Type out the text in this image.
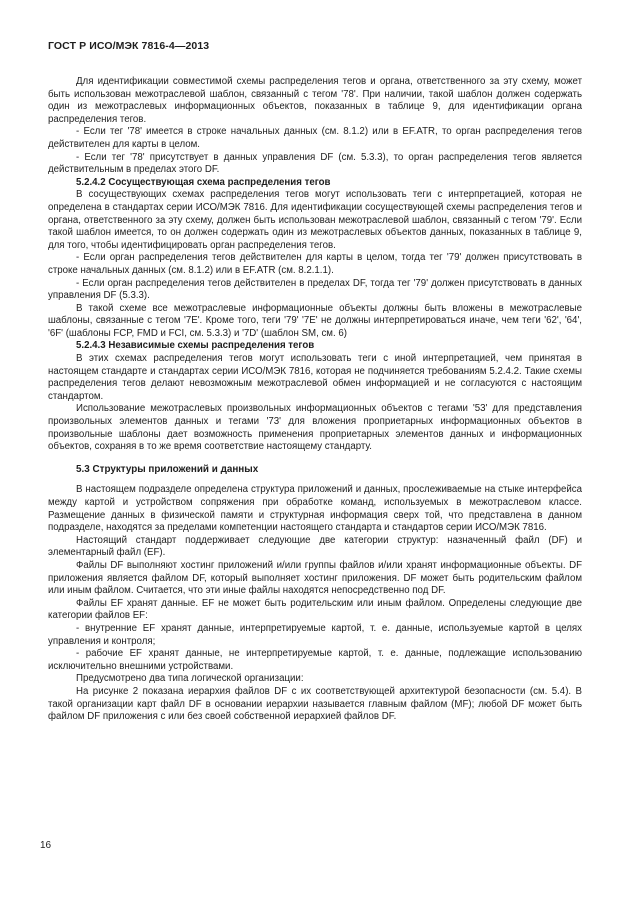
ГОСТ Р ИСО/МЭК 7816-4—2013

Для идентификации совместимой схемы распределения тегов и органа, ответственного за эту схему, может быть использован межотраслевой шаблон, связанный с тегом '78'. При наличии, такой шаблон должен содержать один из межотраслевых информационных объектов, показанных в таблице 9, для идентификации органа распределения тегов.

- Если тег '78' имеется в строке начальных данных (см. 8.1.2) или в EF.ATR, то орган распределения тегов действителен для карты в целом.

- Если тег '78' присутствует в данных управления DF (см. 5.3.3), то орган распределения тегов является действительным в пределах этого DF.

5.2.4.2 Сосуществующая схема распределения тегов

В сосуществующих схемах распределения тегов могут использовать теги с интерпретацией, которая не определена в стандартах серии ИСО/МЭК 7816. Для идентификации сосуществующей схемы распределения тегов и органа, ответственного за эту схему, должен быть использован межотраслевой шаблон, связанный с тегом '79'. Если такой шаблон имеется, то он должен содержать один из межотраслевых объектов данных, показанных в таблице 9, для того, чтобы идентифицировать орган распределения тегов.

- Если орган распределения тегов действителен для карты в целом, тогда тег '79' должен присутствовать в строке начальных данных (см. 8.1.2) или в EF.ATR (см. 8.2.1.1).

- Если орган распределения тегов действителен в пределах DF, тогда тег '79' должен присутствовать в данных управления DF (5.3.3).

В такой схеме все межотраслевые информационные объекты должны быть вложены в межотраслевые шаблоны, связанные с тегом '7E'. Кроме того, теги '79' '7E' не должны интерпретироваться иначе, чем теги '62', '64', '6F' (шаблоны FCP, FMD и FCI, см. 5.3.3) и '7D' (шаблон SM, см. 6)

5.2.4.3 Независимые схемы распределения тегов

В этих схемах распределения тегов могут использовать теги с иной интерпретацией, чем принятая в настоящем стандарте и стандартах серии ИСО/МЭК 7816, которая не подчиняется требованиям 5.2.4.2. Такие схемы распределения тегов делают невозможным межотраслевой обмен информацией и не согласуются с настоящим стандартом.

Использование межотраслевых произвольных информационных объектов с тегами '53' для представления произвольных элементов данных и тегами '73' для вложения проприетарных информационных объектов в произвольные шаблоны дает возможность применения проприетарных элементов данных и информационных объектов, сохраняя в то же время соответствие настоящему стандарту.

5.3 Структуры приложений и данных

В настоящем подразделе определена структура приложений и данных, прослеживаемые на стыке интерфейса между картой и устройством сопряжения при обработке команд, используемых в межотраслевом классе. Размещение данных в физической памяти и структурная информация сверх той, что представлена в данном подразделе, находятся за пределами компетенции настоящего стандарта и стандартов серии ИСО/МЭК 7816.

Настоящий стандарт поддерживает следующие две категории структур: назначенный файл (DF) и элементарный файл (EF).

Файлы DF выполняют хостинг приложений и/или группы файлов и/или хранят информационные объекты. DF приложения является файлом DF, который выполняет хостинг приложения. DF может быть родительским файлом или иным файлом. Считается, что эти иные файлы находятся непосредственно под DF.

Файлы EF хранят данные. EF не может быть родительским или иным файлом. Определены следующие две категории файлов EF:

- внутренние EF хранят данные, интерпретируемые картой, т. е. данные, используемые картой в целях управления и контроля;

- рабочие EF хранят данные, не интерпретируемые картой, т. е. данные, подлежащие использованию исключительно внешними устройствами.

Предусмотрено два типа логической организации:

На рисунке 2 показана иерархия файлов DF с их соответствующей архитектурой безопасности (см. 5.4). В такой организации карт файл DF в основании иерархии называется главным файлом (MF); любой DF может быть файлом DF приложения с или без своей собственной иерархией файлов DF.

16
